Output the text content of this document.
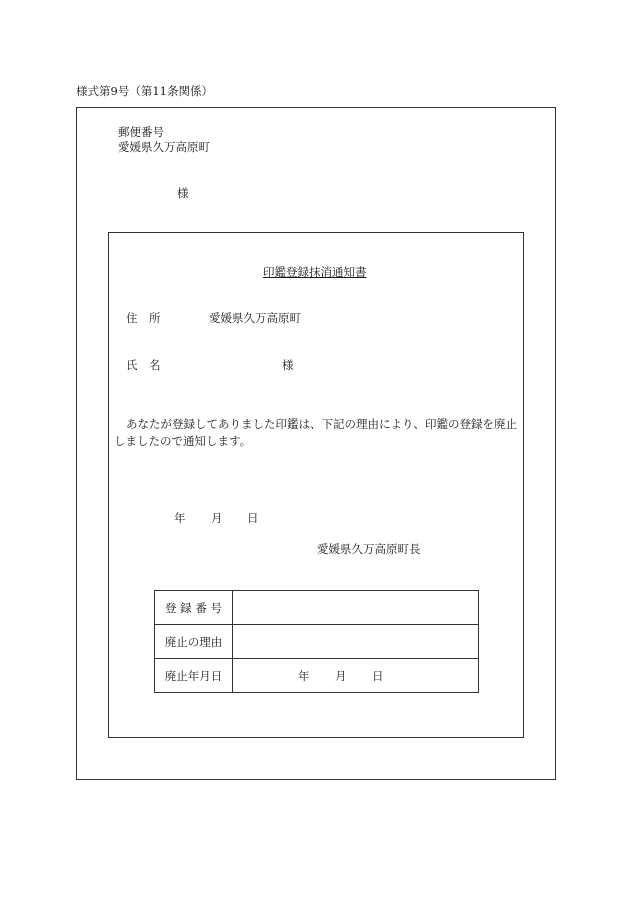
様式第9号（第11条関係）
郵便番号
愛媛県久万高原町
様
印鑑登録抹消通知書
住　所	愛媛県久万高原町
氏　名	様
あなたが登録してありました印鑑は、下記の理由により、印鑑の登録を廃止しましたので通知します。
年 月 日
愛媛県久万高原町長
登 録 番 号	
廃止の理由	
廃止年月日	年 月 日
